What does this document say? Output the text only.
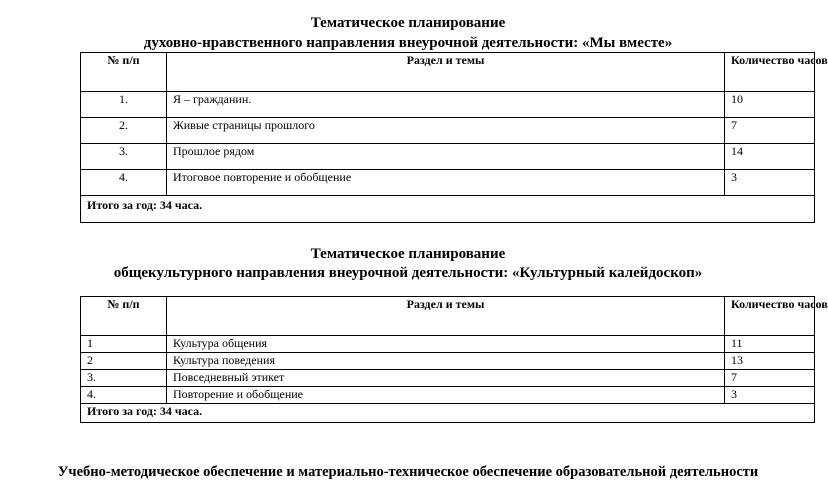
Тематическое планирование
духовно-нравственного направления внеурочной деятельности: «Мы вместе»
№ п/п	Раздел и темы	Количество часов
1.	Я – гражданин.	10
2.	Живые страницы прошлого	7
3.	Прошлое рядом	14
4.	Итоговое повторение и обобщение	3
Итого за год: 34 часа.		
Тематическое планирование
общекультурного направления внеурочной деятельности: «Культурный калейдоскоп»
№ п/п	Раздел и темы	Количество часов
1	Культура общения	11
2	Культура поведения	13
3.	Повседневный этикет	7
4.	Повторение и обобщение	3
Итого за год: 34 часа.		
Учебно-методическое обеспечение и материально-техническое обеспечение образовательной деятельности
